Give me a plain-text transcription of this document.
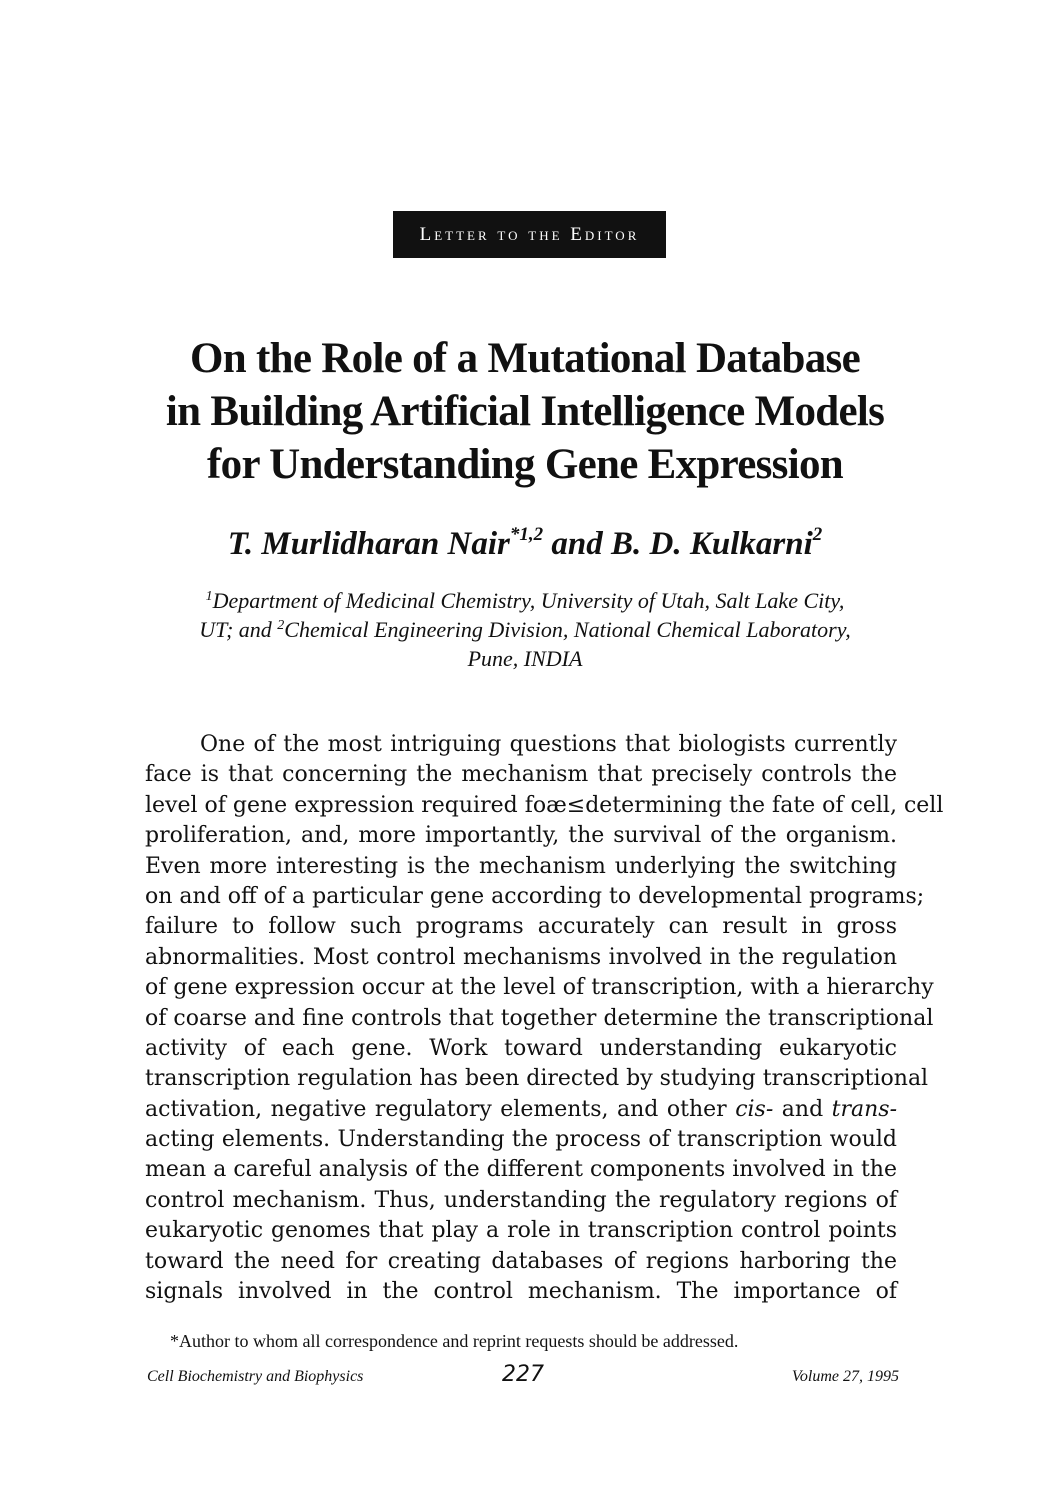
Letter to the Editor
On the Role of a Mutational Database
in Building Artificial Intelligence Models
for Understanding Gene Expression
T. Murlidharan Nair$^{*1,2}$ and B. D. Kulkarni$^2$
$^1$Department of Medicinal Chemistry, University of Utah, Salt Lake City,
UT; and $^2$Chemical Engineering Division, National Chemical Laboratory,
Pune, INDIA
One of the most intriguing questions that biologists currently
face is that concerning the mechanism that precisely controls the
level of gene expression required foæ≤determining the fate of cell, cell
proliferation, and, more importantly, the survival of the organism.
Even more interesting is the mechanism underlying the switching
on and off of a particular gene according to developmental programs;
failure to follow such programs accurately can result in gross
abnormalities. Most control mechanisms involved in the regulation
of gene expression occur at the level of transcription, with a hierarchy
of coarse and fine controls that together determine the transcriptional
activity of each gene. Work toward understanding eukaryotic
transcription regulation has been directed by studying transcriptional
activation, negative regulatory elements, and other cis- and trans-
acting elements. Understanding the process of transcription would
mean a careful analysis of the different components involved in the
control mechanism. Thus, understanding the regulatory regions of
eukaryotic genomes that play a role in transcription control points
toward the need for creating databases of regions harboring the
signals involved in the control mechanism. The importance of
*Author to whom all correspondence and reprint requests should be addressed.
Cell Biochemistry and Biophysics	227	Volume 27, 1995
